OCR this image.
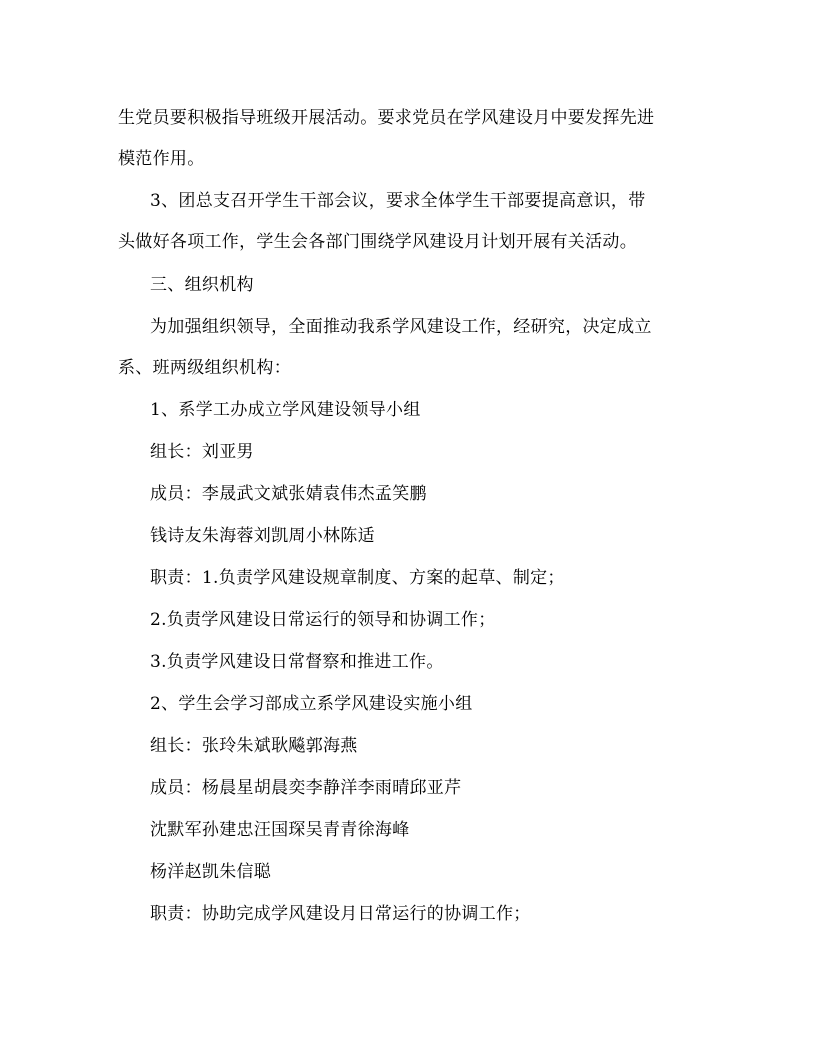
生党员要积极指导班级开展活动。要求党员在学风建设月中要发挥先进
模范作用。
3、团总支召开学生干部会议，要求全体学生干部要提高意识，带
头做好各项工作，学生会各部门围绕学风建设月计划开展有关活动。
三、组织机构
为加强组织领导，全面推动我系学风建设工作，经研究，决定成立
系、班两级组织机构：
1、系学工办成立学风建设领导小组
组长：刘亚男
成员：李晟武文斌张婧袁伟杰孟笑鹏
钱诗友朱海蓉刘凯周小林陈适
职责：1.负责学风建设规章制度、方案的起草、制定；
2.负责学风建设日常运行的领导和协调工作；
3.负责学风建设日常督察和推进工作。
2、学生会学习部成立系学风建设实施小组
组长：张玲朱斌耿飚郭海燕
成员：杨晨星胡晨奕李静洋李雨晴邱亚芹
沈默军孙建忠汪国琛吴青青徐海峰
杨洋赵凯朱信聪
职责：协助完成学风建设月日常运行的协调工作；
